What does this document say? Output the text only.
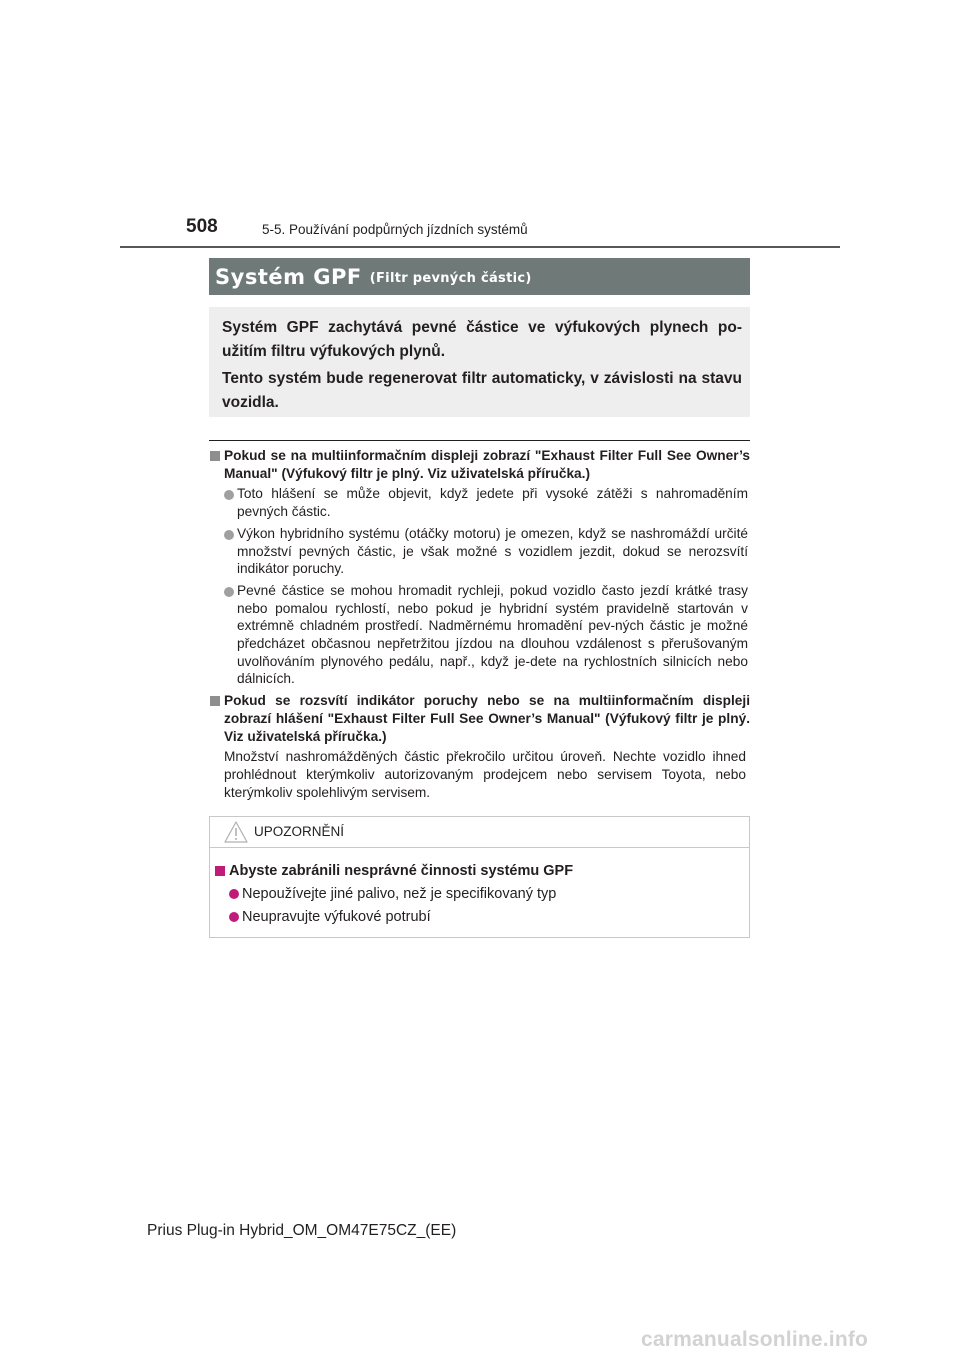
508	5-5. Používání podpůrných jízdních systémů
Systém GPF (Filtr pevných částic)

Systém GPF zachytává pevné částice ve výfukových plynech po-užitím filtru výfukových plynů.

Tento systém bude regenerovat filtr automaticky, v závislosti na stavu vozidla.

Pokud se na multiinformačním displeji zobrazí "Exhaust Filter Full See Owner’s Manual" (Výfukový filtr je plný. Viz uživatelská příručka.)
Toto hlášení se může objevit, když jedete při vysoké zátěži s nahromaděním pevných částic.
Výkon hybridního systému (otáčky motoru) je omezen, když se nashromáždí určité množství pevných částic, je však možné s vozidlem jezdit, dokud se nerozsvítí indikátor poruchy.
Pevné částice se mohou hromadit rychleji, pokud vozidlo často jezdí krátké trasy nebo pomalou rychlostí, nebo pokud je hybridní systém pravidelně startován v extrémně chladném prostředí. Nadměrnému hromadění pev-ných částic je možné předcházet občasnou nepřetržitou jízdou na dlouhou vzdálenost s přerušovaným uvolňováním plynového pedálu, např., když je-dete na rychlostních silnicích nebo dálnicích.
Pokud se rozsvítí indikátor poruchy nebo se na multiinformačním displeji zobrazí hlášení "Exhaust Filter Full See Owner’s Manual" (Výfukový filtr je plný. Viz uživatelská příručka.)
Množství nashromážděných částic překročilo určitou úroveň. Nechte vozidlo ihned prohlédnout kterýmkoliv autorizovaným prodejcem nebo servisem Toyota, nebo kterýmkoliv spolehlivým servisem.
UPOZORNĚNÍ
Abyste zabránili nesprávné činnosti systému GPF
Nepoužívejte jiné palivo, než je specifikovaný typ
Neupravujte výfukové potrubí
Prius Plug-in Hybrid_OM_OM47E75CZ_(EE)
carmanualsonline.info
